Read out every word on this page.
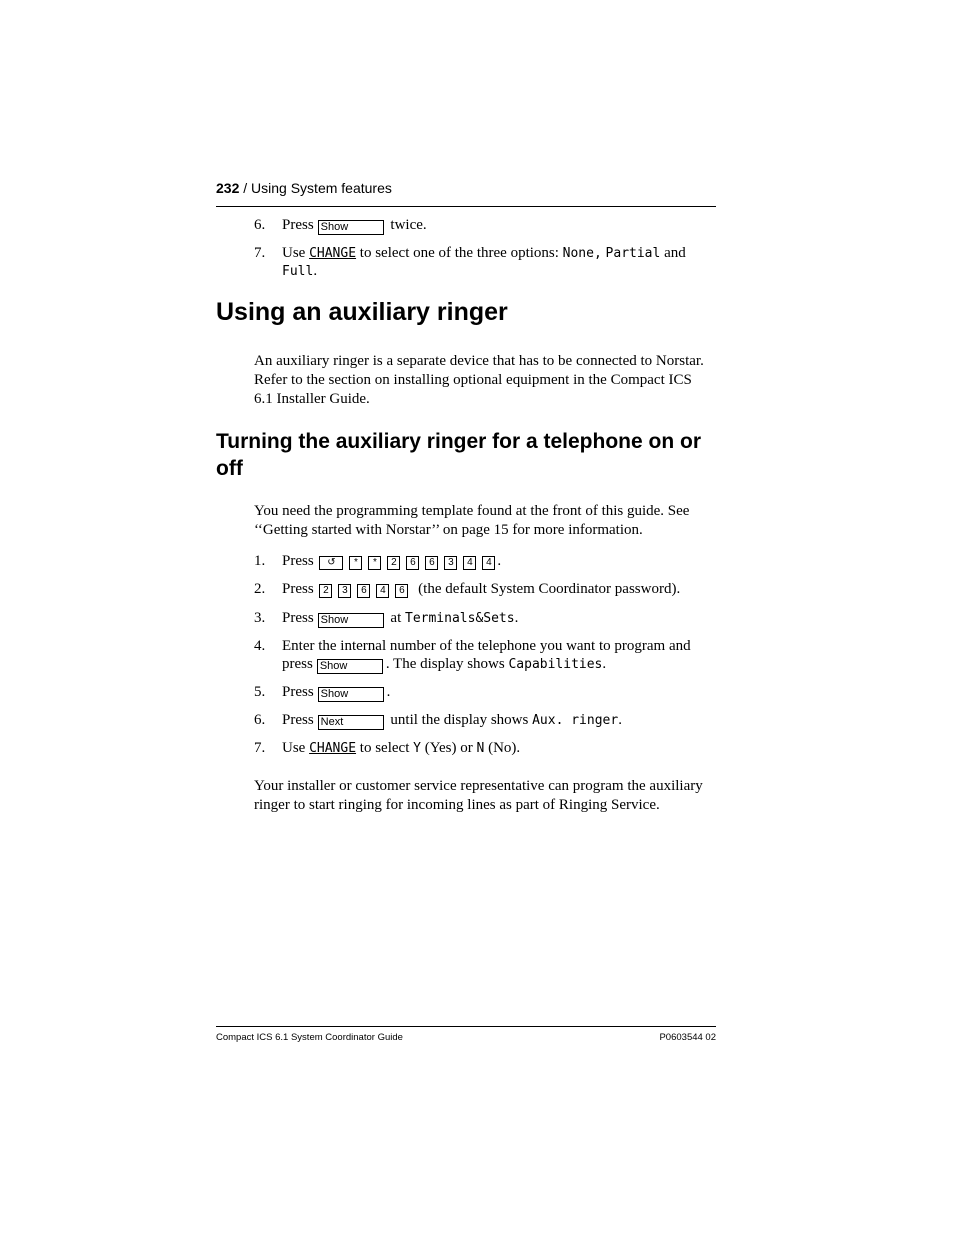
232 / Using System features
6. Press Show	twice.
7. Use CHANGE to select one of the three options: None, Partial and
Full.
Using an auxiliary ringer
An auxiliary ringer is a separate device that has to be connected to Norstar.
Refer to the section on installing optional equipment in the Compact ICS
6.1 Installer Guide.
Turning the auxiliary ringer for a telephone on or
off
You need the programming template found at the front of this guide. See
‘‘Getting started with Norstar’’ on page 15 for more information.
1. Press ↺ * * 2 6 6 3 4 4 .
2. Press 2 3 6 4 6 (the default System Coordinator password).
3. Press Show	at Terminals&Sets.
4. Enter the internal number of the telephone you want to program and
press Show	. The display shows Capabilities.
5. Press Show	.
6. Press Next	until the display shows Aux. ringer.
7. Use CHANGE to select Y (Yes) or N (No).
Your installer or customer service representative can program the auxiliary
ringer to start ringing for incoming lines as part of Ringing Service.
Compact ICS 6.1 System Coordinator Guide	P0603544 02
